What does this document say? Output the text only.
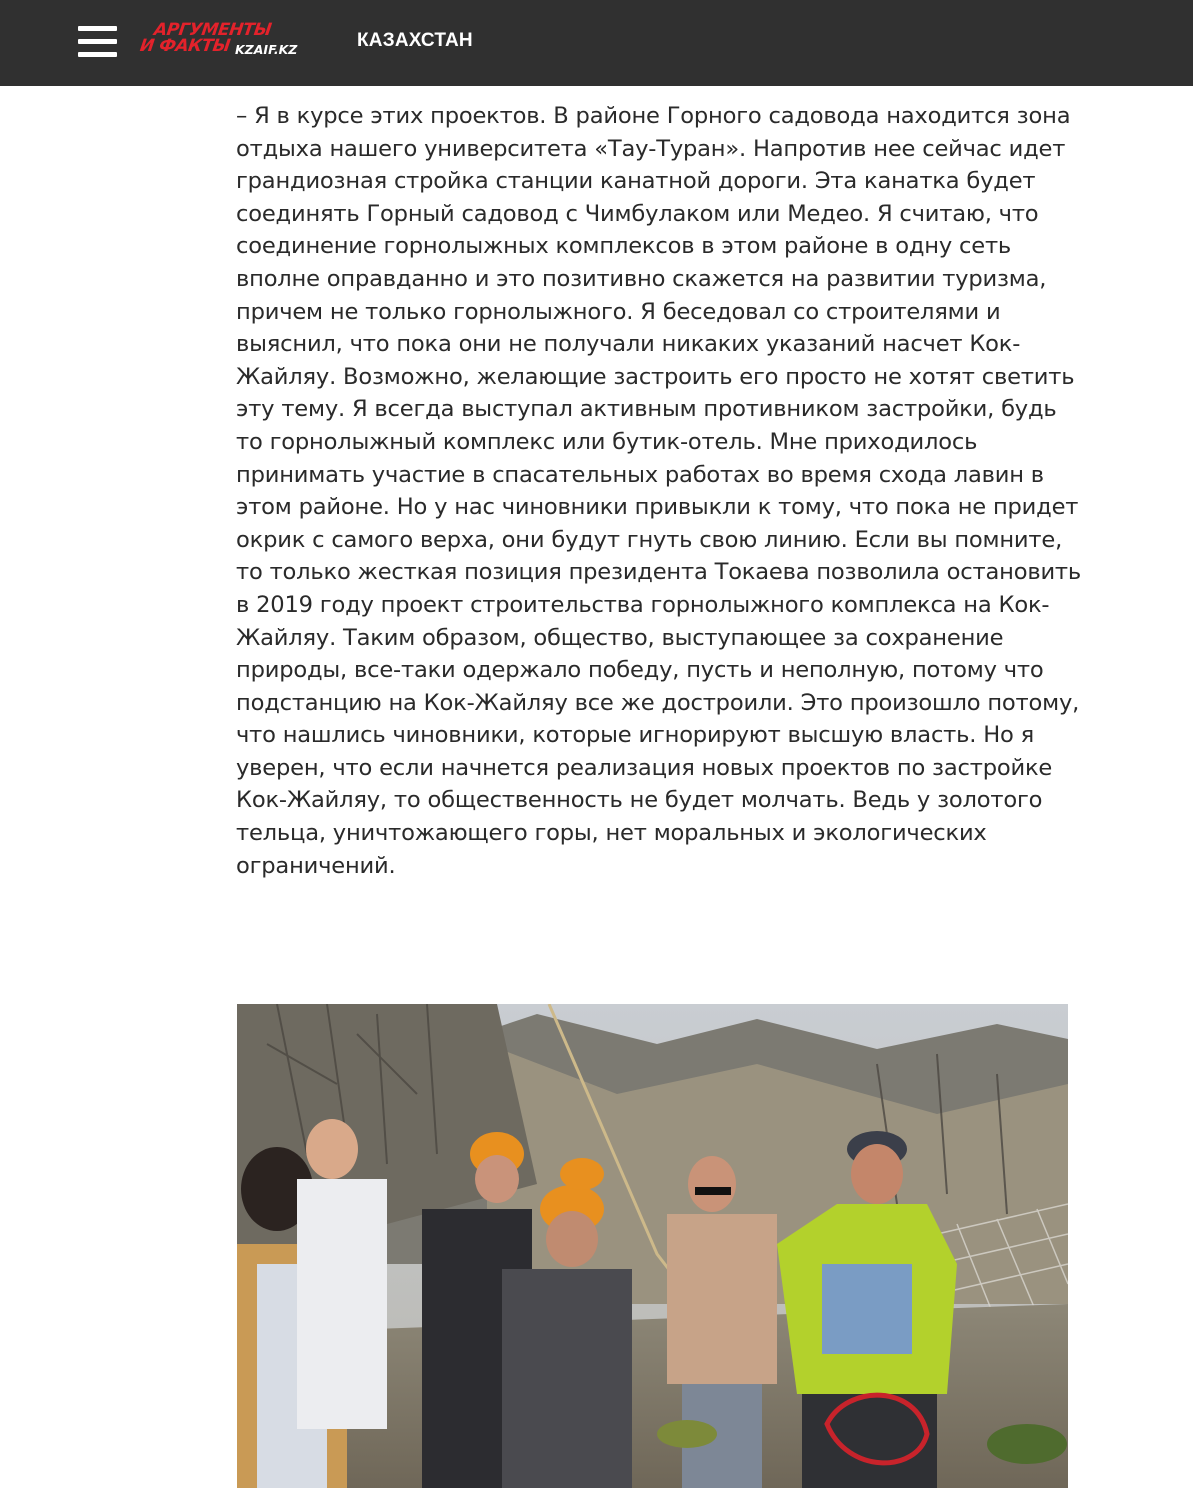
АРГУМЕНТЫ
И ФАКТЫ KZAIF.KZ	КАЗАХСТАН

– Я в курсе этих проектов. В районе Горного садовода находится зона отдыха нашего университета «Тау-Туран». Напротив нее сейчас идет грандиозная стройка станции канатной дороги. Эта канатка будет соединять Горный садовод с Чимбулаком или Медео. Я считаю, что соединение горнолыжных комплексов в этом районе в одну сеть вполне оправданно и это позитивно скажется на развитии туризма, причем не только горнолыжного. Я беседовал со строителями и выяснил, что пока они не получали никаких указаний насчет Кок-Жайляу. Возможно, желающие застроить его просто не хотят светить эту тему. Я всегда выступал активным противником застройки, будь то горнолыжный комплекс или бутик-отель. Мне приходилось принимать участие в спасательных работах во время схода лавин в этом районе. Но у нас чиновники привыкли к тому, что пока не придет окрик с самого верха, они будут гнуть свою линию. Если вы помните, то только жесткая позиция президента Токаева позволила остановить в 2019 году проект строительства горнолыжного комплекса на Кок-Жайляу. Таким образом, общество, выступающее за сохранение природы, все-таки одержало победу, пусть и неполную, потому что подстанцию на Кок-Жайляу все же достроили. Это произошло потому, что нашлись чиновники, которые игнорируют высшую власть. Но я уверен, что если начнется реализация новых проектов по застройке Кок-Жайляу, то общественность не будет молчать. Ведь у золотого тельца, уничтожающего горы, нет моральных и экологических ограничений.
